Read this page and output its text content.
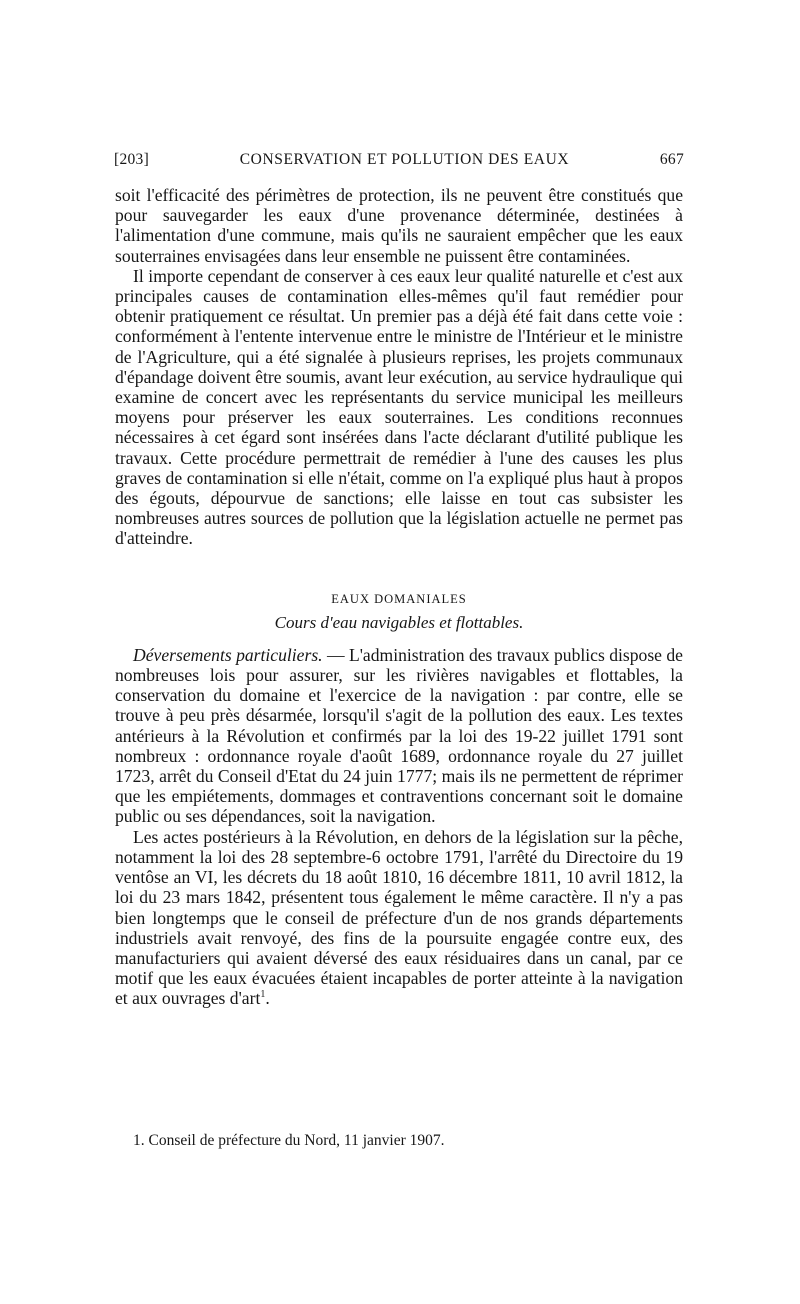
[203]	CONSERVATION ET POLLUTION DES EAUX	667

soit l'efficacité des périmètres de protection, ils ne peuvent être constitués que pour sauvegarder les eaux d'une provenance déterminée, destinées à l'alimentation d'une commune, mais qu'ils ne sauraient empêcher que les eaux souterraines envisagées dans leur ensemble ne puissent être contaminées.

Il importe cependant de conserver à ces eaux leur qualité naturelle et c'est aux principales causes de contamination elles-mêmes qu'il faut remédier pour obtenir pratiquement ce résultat. Un premier pas a déjà été fait dans cette voie : conformément à l'entente intervenue entre le ministre de l'Intérieur et le ministre de l'Agriculture, qui a été signalée à plusieurs reprises, les projets communaux d'épandage doivent être soumis, avant leur exécution, au service hydraulique qui examine de concert avec les représentants du service municipal les meilleurs moyens pour préserver les eaux souterraines. Les conditions reconnues nécessaires à cet égard sont insérées dans l'acte déclarant d'utilité publique les travaux. Cette procédure permettrait de remédier à l'une des causes les plus graves de contamination si elle n'était, comme on l'a expliqué plus haut à propos des égouts, dépourvue de sanctions; elle laisse en tout cas subsister les nombreuses autres sources de pollution que la législation actuelle ne permet pas d'atteindre.

EAUX DOMANIALES
Cours d'eau navigables et flottables.

Déversements particuliers. — L'administration des travaux publics dispose de nombreuses lois pour assurer, sur les rivières navigables et flottables, la conservation du domaine et l'exercice de la navigation : par contre, elle se trouve à peu près désarmée, lorsqu'il s'agit de la pollution des eaux. Les textes antérieurs à la Révolution et confirmés par la loi des 19-22 juillet 1791 sont nombreux : ordonnance royale d'août 1689, ordonnance royale du 27 juillet 1723, arrêt du Conseil d'Etat du 24 juin 1777; mais ils ne permettent de réprimer que les empiétements, dommages et contraventions concernant soit le domaine public ou ses dépendances, soit la navigation.

Les actes postérieurs à la Révolution, en dehors de la législation sur la pêche, notamment la loi des 28 septembre-6 octobre 1791, l'arrêté du Directoire du 19 ventôse an VI, les décrets du 18 août 1810, 16 décembre 1811, 10 avril 1812, la loi du 23 mars 1842, présentent tous également le même caractère. Il n'y a pas bien longtemps que le conseil de préfecture d'un de nos grands départements industriels avait renvoyé, des fins de la poursuite engagée contre eux, des manufacturiers qui avaient déversé des eaux résiduaires dans un canal, par ce motif que les eaux évacuées étaient incapables de porter atteinte à la navigation et aux ouvrages d'art$^1$.

1. Conseil de préfecture du Nord, 11 janvier 1907.
